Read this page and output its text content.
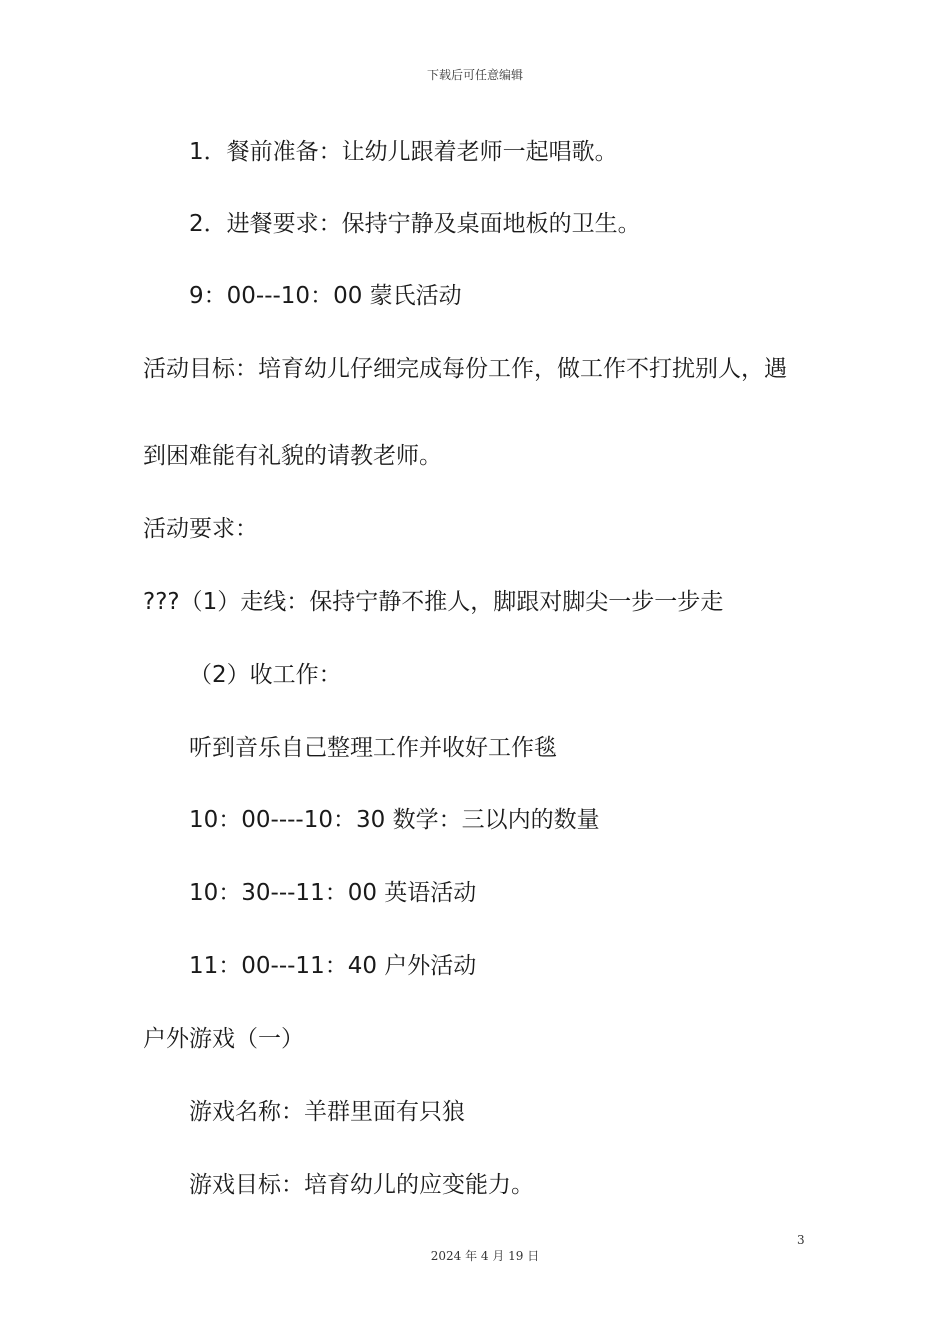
下载后可任意编辑
1．餐前准备：让幼儿跟着老师一起唱歌。
2．进餐要求：保持宁静及桌面地板的卫生。
9：00---10：00 蒙氏活动
活动目标：培育幼儿仔细完成每份工作，做工作不打扰别人，遇
到困难能有礼貌的请教老师。
活动要求：
???（1）走线：保持宁静不推人，脚跟对脚尖一步一步走
（2）收工作：
听到音乐自己整理工作并收好工作毯
10：00----10：30 数学：三以内的数量
10：30---11：00 英语活动
11：00---11：40 户外活动
户外游戏（一）
游戏名称：羊群里面有只狼
游戏目标：培育幼儿的应变能力。
3
2024 年 4 月 19 日
